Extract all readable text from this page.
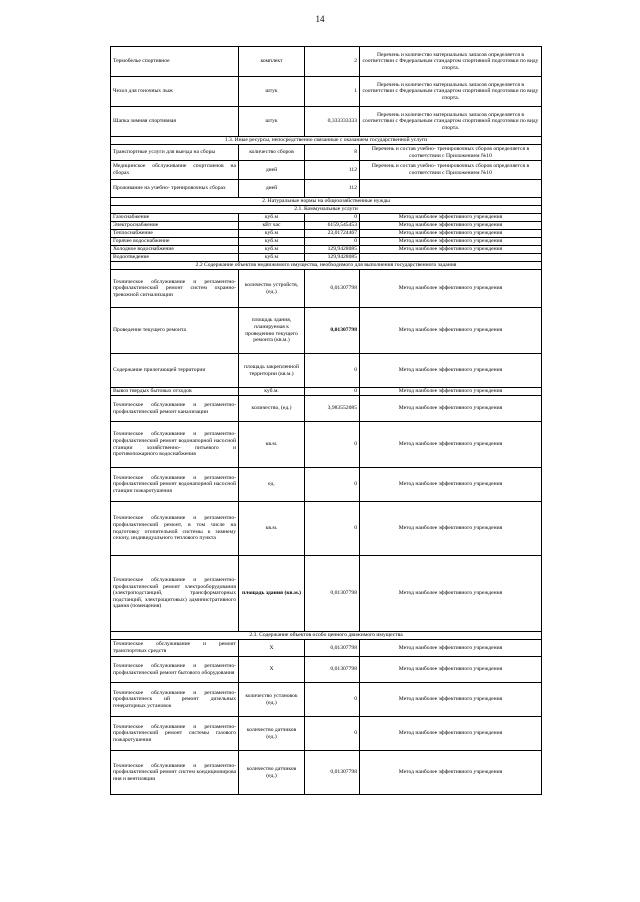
14
Термобелье спортивное	комплект	2	Перечень и количество материальных запасов определяется в соответствии с Федеральным стандартом спортивной подготовки по виду спорта.
Чехол для гоночных лыж	штук	1	Перечень и количество материальных запасов определяется в соответствии с Федеральным стандартом спортивной подготовки по виду спорта.
Шапка зимняя спортивная	штук	0,333333333	Перечень и количество материальных запасов определяется в соответствии с Федеральным стандартом спортивной подготовки по виду спорта.
1.3. Иные ресурсы, непосредственно связанные с оказанием государственной услуги			
Транспортные услуги для выезда на сборы	количество сборов	8	Перечень и состав учебно- тренировочных сборов определяется в соответствии с Приложением №10
Медицинское обслуживание спортсменов на сборах	дней	112	Перечень и состав учебно- тренировочных сборов определяется в соответствии с Приложением №10
Проживание на учебно- тренировочных сборах	дней	112	
2. Натуральные нормы на общехозяйственные нужды			
2.1. Коммунальные услуги			
Газоснабжение	куб.м	0	Метод наиболее эффективного учреждения
Электроснабжение	кВт час	6159,545453	Метод наиболее эффективного учреждения
Теплоснабжение	куб.м	23,01724467	Метод наиболее эффективного учреждения
Горячее водоснабжение	куб.м	0	Метод наиболее эффективного учреждения
Холодное водоснабжение	куб.м	129,9428085	Метод наиболее эффективного учреждения
Водоотведение	куб.м	129,9428085	
2.2 Содержание объектов недвижимого имущества, необходимого для выполнения государственного задания			
Техническое обслуживание и регламентно- профилактический ремонт систем охранно- тревожной сигнализации	количество устройств, (ед.)	0,01307798	Метод наиболее эффективного учреждения
Проведение текущего ремонта	площадь здания, планируемая к проведению текущего ремонта (кв.м.)	0,01307798	Метод наиболее эффективного учреждения
Содержание прилегающей территории	площадь закрепленной территории (кв.м.)	0	Метод наиболее эффективного учреждения
Вывоз твердых бытовых отходов	куб.м.	0	Метод наиболее эффективного учреждения
Техническое обслуживание и регламентно- профилактический ремонт канализации	количество, (ед.)	3,983552085	Метод наиболее эффективного учреждения
Техническое обслуживание и регламентно- профилактический ремонт водонапорной насосной станции хозяйственно- питьевого и противопожарного водоснабжения	кв.м.	0	Метод наиболее эффективного учреждения
Техническое обслуживание и регламентно- профилактический ремонт водонапорной насосной станции пожаротушения	ед.	0	Метод наиболее эффективного учреждения
Техническое обслуживание и регламентно- профилактический ремонт, в том числе на подготовку отопительной системы к зимнему сезону, индивидуального теплового пункта	кв.м.	0	Метод наиболее эффективного учреждения
Техническое обслуживание и регламентно- профилактический ремонт электрооборудования (электроподстанций, трансформаторных подстанций, электрощитовых) административного здания (помещения)	площадь здания (кв.м.)	0,01307798	Метод наиболее эффективного учреждения
2.3. Содержание объектов особо ценного движимого имущества			
Техническое обслуживание и ремонт транспортных средств	X	0,01307798	Метод наиболее эффективного учреждения
Техническое обслуживание и регламентно- профилактический ремонт бытового оборудования	X	0,01307798	Метод наиболее эффективного учреждения
Техническое обслуживание и регламентно- профилактическ ий ремонт дизельных генераторных установок	количество установок (ед.)	0	Метод наиболее эффективного учреждения
Техническое обслуживание и регламентно- профилактический ремонт системы газового пожаротушения	количество датчиков (ед.)	0	Метод наиболее эффективного учреждения
Техническое обслуживание и регламентно- профилактический ремонт систем кондиционирова ния и вентиляции	количество датчиков (ед.)	0,01307798	Метод наиболее эффективного учреждения
